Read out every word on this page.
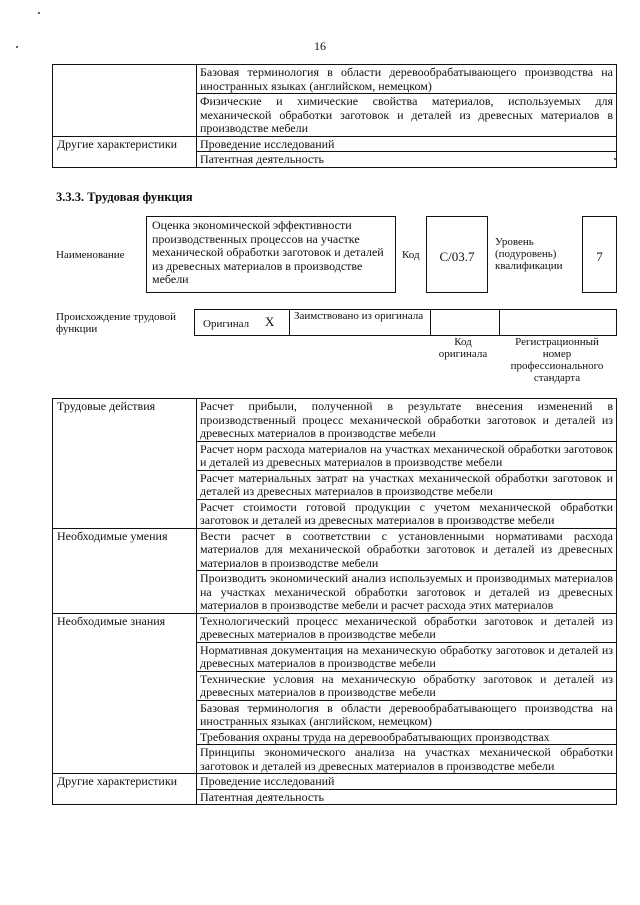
16
	Базовая терминология в области деревообрабатывающего производства на иностранных языках (английском, немецком)
	Физические и химические свойства материалов, используемых для механической обработки заготовок и деталей из древесных материалов в производстве мебели
Другие характеристики	Проведение исследований
	Патентная деятельность
3.3.3. Трудовая функция
Наименование
Оценка экономической эффективности производственных процессов на участке механической обработки заготовок и деталей из древесных материалов в производстве мебели
Код	С/03.7
Уровень (подуровень) квалификации
7
Происхождение трудовой функции	Оригинал X	Заимствовано из оригинала
Код оригинала
Регистрационный номер профессионального стандарта
Трудовые действия	Расчет прибыли, полученной в результате внесения изменений в производственный процесс механической обработки заготовок и деталей из древесных материалов в производстве мебели
	Расчет норм расхода материалов на участках механической обработки заготовок и деталей из древесных материалов в производстве мебели
	Расчет материальных затрат на участках механической обработки заготовок и деталей из древесных материалов в производстве мебели
	Расчет стоимости готовой продукции с учетом механической обработки заготовок и деталей из древесных материалов в производстве мебели
Необходимые умения	Вести расчет в соответствии с установленными нормативами расхода материалов для механической обработки заготовок и деталей из древесных материалов в производстве мебели
	Производить экономический анализ используемых и производимых материалов на участках механической обработки заготовок и деталей из древесных материалов в производстве мебели и расчет расхода этих материалов
Необходимые знания	Технологический процесс механической обработки заготовок и деталей из древесных материалов в производстве мебели
	Нормативная документация на механическую обработку заготовок и деталей из древесных материалов в производстве мебели
	Технические условия на механическую обработку заготовок и деталей из древесных материалов в производстве мебели
	Базовая терминология в области деревообрабатывающего производства на иностранных языках (английском, немецком)
	Требования охраны труда на деревообрабатывающих производствах
	Принципы экономического анализа на участках механической обработки заготовок и деталей из древесных материалов в производстве мебели
Другие характеристики	Проведение исследований
	Патентная деятельность
